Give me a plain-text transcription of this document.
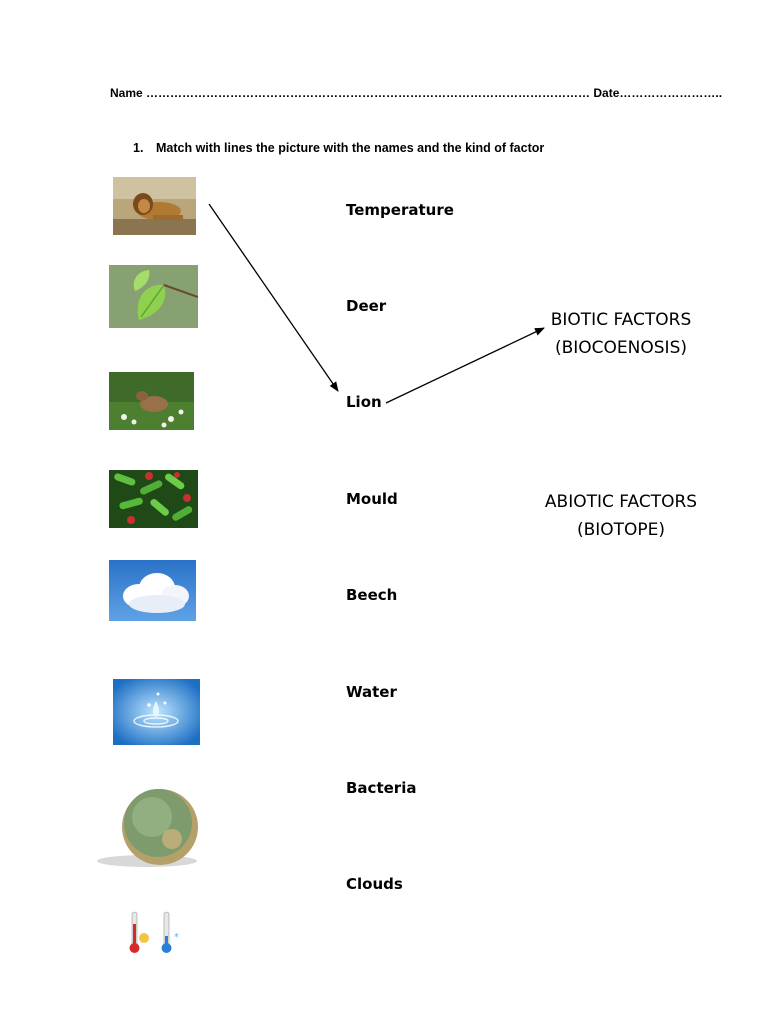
Name ………………………………………………………………………………………………… Date……………………..
1. Match with lines the picture with the names and the kind of factor
*
Temperature
Deer
Lion
Mould
Beech
Water
Bacteria
Clouds
BIOTIC FACTORS
(BIOCOENOSIS)
ABIOTIC FACTORS
(BIOTOPE)
